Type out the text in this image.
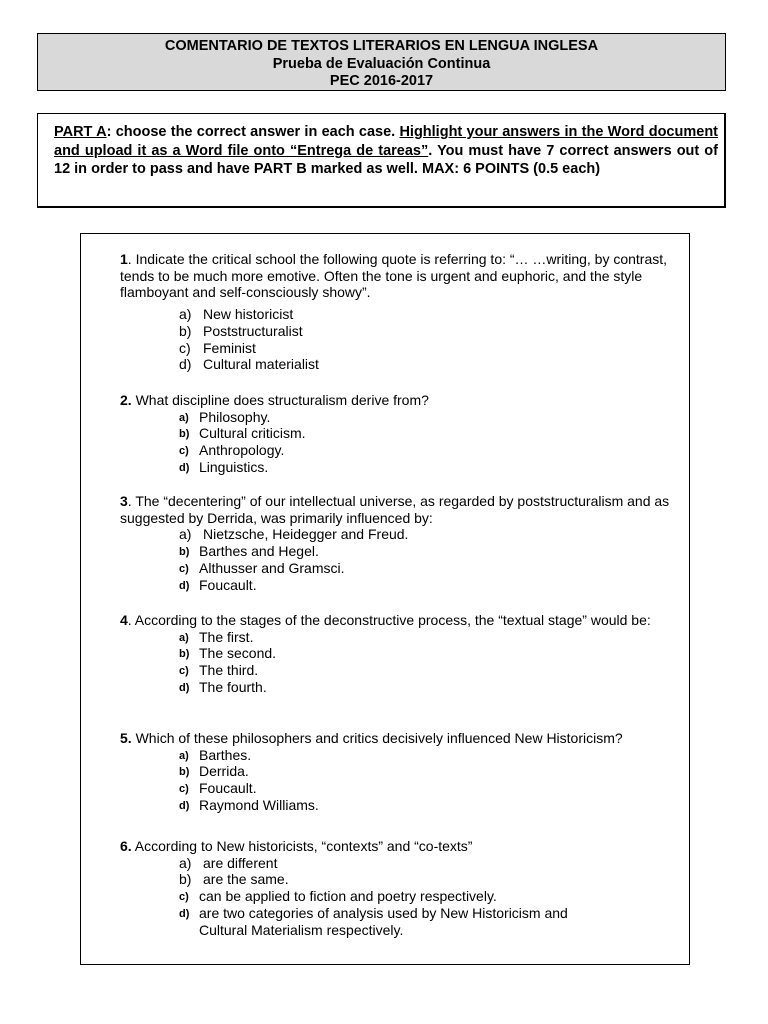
COMENTARIO DE TEXTOS LITERARIOS EN LENGUA INGLESA
Prueba de Evaluación Continua
PEC 2016-2017
PART A: choose the correct answer in each case. Highlight your answers in the Word document and upload it as a Word file onto “Entrega de tareas”. You must have 7 correct answers out of 12 in order to pass and have PART B marked as well. MAX: 6 POINTS (0.5 each)

1. Indicate the critical school the following quote is referring to: “… …writing, by contrast, tends to be much more emotive. Often the tone is urgent and euphoric, and the style flamboyant and self-consciously showy”.

a) New historicist
b) Poststructuralist
c) Feminist
d) Cultural materialist

2. What discipline does structuralism derive from?

a) Philosophy.
b) Cultural criticism.
c) Anthropology.
d) Linguistics.

3. The “decentering” of our intellectual universe, as regarded by poststructuralism and as suggested by Derrida, was primarily influenced by:

a) Nietzsche, Heidegger and Freud.
b) Barthes and Hegel.
c) Althusser and Gramsci.
d) Foucault.

4. According to the stages of the deconstructive process, the “textual stage” would be:

a) The first.
b) The second.
c) The third.
d) The fourth.

5. Which of these philosophers and critics decisively influenced New Historicism?

a) Barthes.
b) Derrida.
c) Foucault.
d) Raymond Williams.

6. According to New historicists, “contexts” and “co-texts”

a) are different
b) are the same.
c) can be applied to fiction and poetry respectively.
d) are two categories of analysis used by New Historicism and Cultural Materialism respectively.
